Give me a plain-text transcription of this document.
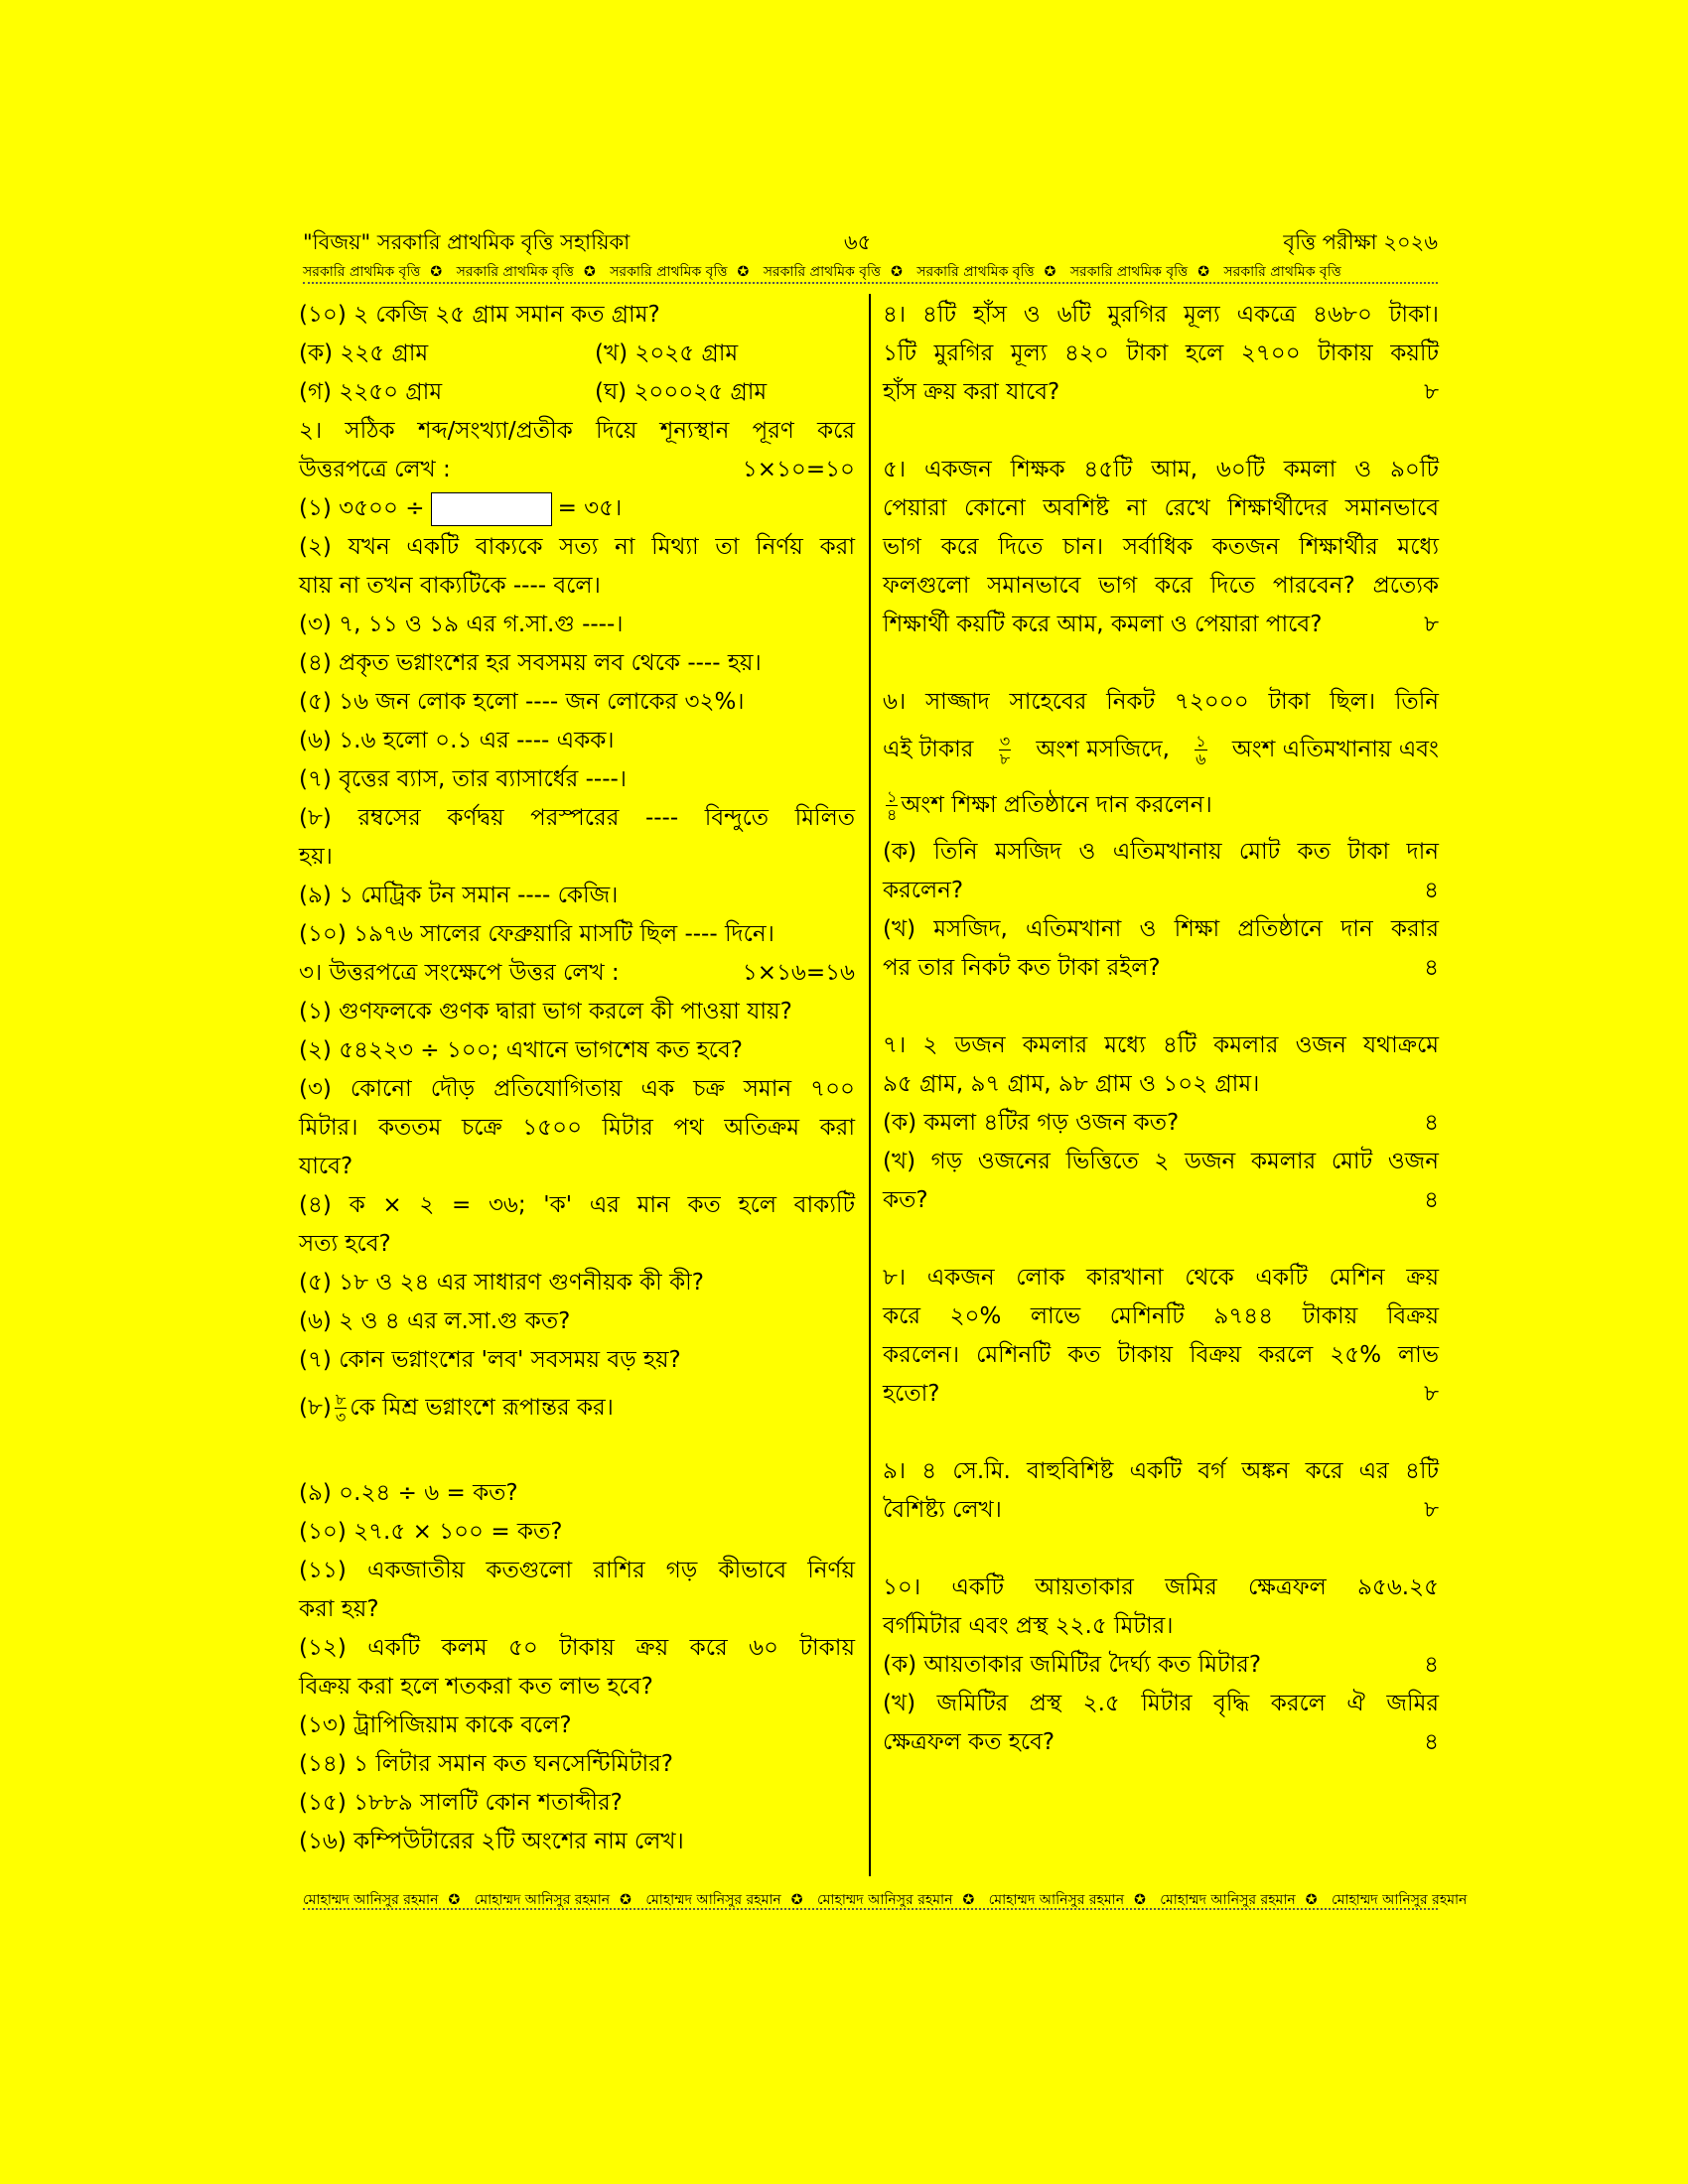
"বিজয়" সরকারি প্রাথমিক বৃত্তি সহায়িকা	৬৫	বৃত্তি পরীক্ষা ২০২৬
সরকারি প্রাথমিক বৃত্তি ✪ সরকারি প্রাথমিক বৃত্তি ✪ সরকারি প্রাথমিক বৃত্তি ✪ সরকারি প্রাথমিক বৃত্তি ✪ সরকারি প্রাথমিক বৃত্তি ✪ সরকারি প্রাথমিক বৃত্তি ✪ সরকারি প্রাথমিক বৃত্তি
(১০) ২ কেজি ২৫ গ্রাম সমান কত গ্রাম?
(ক) ২২৫ গ্রাম	(খ) ২০২৫ গ্রাম
(গ) ২২৫০ গ্রাম	(ঘ) ২০০০২৫ গ্রাম
২। সঠিক শব্দ/সংখ্যা/প্রতীক দিয়ে শূন্যস্থান পূরণ করে
উত্তরপত্রে লেখ :	১×১০=১০
(১) ৩৫০০ ÷	= ৩৫।
(২) যখন একটি বাক্যকে সত্য না মিথ্যা তা নির্ণয় করা
যায় না তখন বাক্যটিকে ---- বলে।
(৩) ৭, ১১ ও ১৯ এর গ.সা.গু ----।
(৪) প্রকৃত ভগ্নাংশের হর সবসময় লব থেকে ---- হয়।
(৫) ১৬ জন লোক হলো ---- জন লোকের ৩২%।
(৬) ১.৬ হলো ০.১ এর ---- একক।
(৭) বৃত্তের ব্যাস, তার ব্যাসার্ধের ----।
(৮) রম্বসের কর্ণদ্বয় পরস্পরের ---- বিন্দুতে মিলিত
হয়।
(৯) ১ মেট্রিক টন সমান ---- কেজি।
(১০) ১৯৭৬ সালের ফেব্রুয়ারি মাসটি ছিল ---- দিনে।
৩। উত্তরপত্রে সংক্ষেপে উত্তর লেখ :	১×১৬=১৬
(১) গুণফলকে গুণক দ্বারা ভাগ করলে কী পাওয়া যায়?
(২) ৫৪২২৩ ÷ ১০০; এখানে ভাগশেষ কত হবে?
(৩) কোনো দৌড় প্রতিযোগিতায় এক চক্র সমান ৭০০
মিটার। কততম চক্রে ১৫০০ মিটার পথ অতিক্রম করা
যাবে?
(৪) ক × ২ = ৩৬; 'ক' এর মান কত হলে বাক্যটি
সত্য হবে?
(৫) ১৮ ও ২৪ এর সাধারণ গুণনীয়ক কী কী?
(৬) ২ ও ৪ এর ল.সা.গু কত?
(৭) কোন ভগ্নাংশের 'লব' সবসময় বড় হয়?
(৮) $\frac{৮}{৩}$ কে মিশ্র ভগ্নাংশে রূপান্তর কর।
(৯) ০.২৪ ÷ ৬ = কত?
(১০) ২৭.৫ × ১০০ = কত?
(১১) একজাতীয় কতগুলো রাশির গড় কীভাবে নির্ণয়
করা হয়?
(১২) একটি কলম ৫০ টাকায় ক্রয় করে ৬০ টাকায়
বিক্রয় করা হলে শতকরা কত লাভ হবে?
(১৩) ট্রাপিজিয়াম কাকে বলে?
(১৪) ১ লিটার সমান কত ঘনসেন্টিমিটার?
(১৫) ১৮৮৯ সালটি কোন শতাব্দীর?
(১৬) কম্পিউটারের ২টি অংশের নাম লেখ।
৪। ৪টি হাঁস ও ৬টি মুরগির মূল্য একত্রে ৪৬৮০ টাকা।
১টি মুরগির মূল্য ৪২০ টাকা হলে ২৭০০ টাকায় কয়টি
হাঁস ক্রয় করা যাবে?	৮
৫। একজন শিক্ষক ৪৫টি আম, ৬০টি কমলা ও ৯০টি
পেয়ারা কোনো অবশিষ্ট না রেখে শিক্ষার্থীদের সমানভাবে
ভাগ করে দিতে চান। সর্বাধিক কতজন শিক্ষার্থীর মধ্যে
ফলগুলো সমানভাবে ভাগ করে দিতে পারবেন? প্রত্যেক
শিক্ষার্থী কয়টি করে আম, কমলা ও পেয়ারা পাবে?	৮
৬। সাজ্জাদ সাহেবের নিকট ৭২০০০ টাকা ছিল। তিনি
এই টাকার $\frac{৩}{৮}$ অংশ মসজিদে, $\frac{১}{৬}$ অংশ এতিমখানায় এবং
$\frac{১}{৪}$ অংশ শিক্ষা প্রতিষ্ঠানে দান করলেন।
(ক) তিনি মসজিদ ও এতিমখানায় মোট কত টাকা দান
করলেন?	৪
(খ) মসজিদ, এতিমখানা ও শিক্ষা প্রতিষ্ঠানে দান করার
পর তার নিকট কত টাকা রইল?	৪
৭। ২ ডজন কমলার মধ্যে ৪টি কমলার ওজন যথাক্রমে
৯৫ গ্রাম, ৯৭ গ্রাম, ৯৮ গ্রাম ও ১০২ গ্রাম।
(ক) কমলা ৪টির গড় ওজন কত?	৪
(খ) গড় ওজনের ভিত্তিতে ২ ডজন কমলার মোট ওজন
কত?	৪
৮। একজন লোক কারখানা থেকে একটি মেশিন ক্রয়
করে ২০% লাভে মেশিনটি ৯৭৪৪ টাকায় বিক্রয়
করলেন। মেশিনটি কত টাকায় বিক্রয় করলে ২৫% লাভ
হতো?	৮
৯। ৪ সে.মি. বাহুবিশিষ্ট একটি বর্গ অঙ্কন করে এর ৪টি
বৈশিষ্ট্য লেখ।	৮
১০। একটি আয়তাকার জমির ক্ষেত্রফল ৯৫৬.২৫
বর্গমিটার এবং প্রস্থ ২২.৫ মিটার।
(ক) আয়তাকার জমিটির দৈর্ঘ্য কত মিটার?	৪
(খ) জমিটির প্রস্থ ২.৫ মিটার বৃদ্ধি করলে ঐ জমির
ক্ষেত্রফল কত হবে?	৪
মোহাম্মদ আনিসুর রহমান ✪ মোহাম্মদ আনিসুর রহমান ✪ মোহাম্মদ আনিসুর রহমান ✪ মোহাম্মদ আনিসুর রহমান ✪ মোহাম্মদ আনিসুর রহমান ✪ মোহাম্মদ আনিসুর রহমান ✪ মোহাম্মদ আনিসুর রহমান
